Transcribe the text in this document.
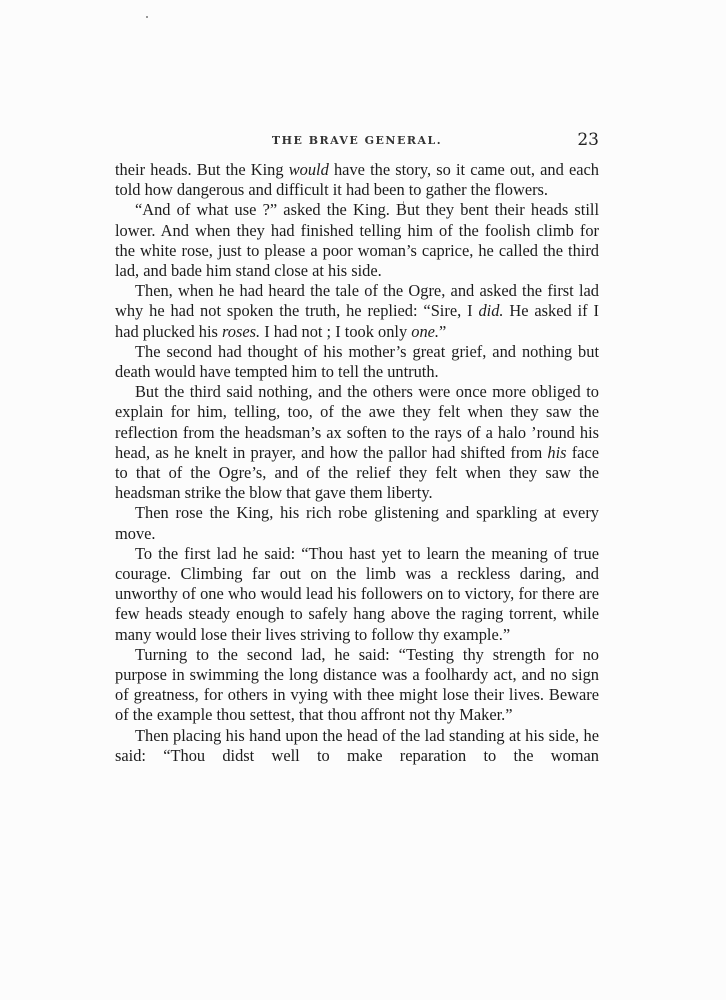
THE BRAVE GENERAL.	23

their heads. But the King would have the story, so it came out, and each told how dangerous and difficult it had been to gather the flowers.

“And of what use ?” asked the King. But they bent their heads still lower. And when they had finished telling him of the foolish climb for the white rose, just to please a poor woman’s caprice, he called the third lad, and bade him stand close at his side.

Then, when he had heard the tale of the Ogre, and asked the first lad why he had not spoken the truth, he replied: “Sire, I did. He asked if I had plucked his roses. I had not ; I took only one.”

The second had thought of his mother’s great grief, and nothing but death would have tempted him to tell the untruth.

But the third said nothing, and the others were once more obliged to explain for him, telling, too, of the awe they felt when they saw the reflection from the headsman’s ax soften to the rays of a halo ’round his head, as he knelt in prayer, and how the pallor had shifted from his face to that of the Ogre’s, and of the relief they felt when they saw the headsman strike the blow that gave them liberty.

Then rose the King, his rich robe glistening and sparkling at every move.

To the first lad he said: “Thou hast yet to learn the meaning of true courage. Climbing far out on the limb was a reckless daring, and unworthy of one who would lead his followers on to victory, for there are few heads steady enough to safely hang above the raging torrent, while many would lose their lives striving to follow thy example.”

Turning to the second lad, he said: “Testing thy strength for no purpose in swimming the long distance was a foolhardy act, and no sign of greatness, for others in vying with thee might lose their lives. Beware of the example thou settest, that thou affront not thy Maker.”

Then placing his hand upon the head of the lad standing at his side, he said: “Thou didst well to make reparation to the woman
